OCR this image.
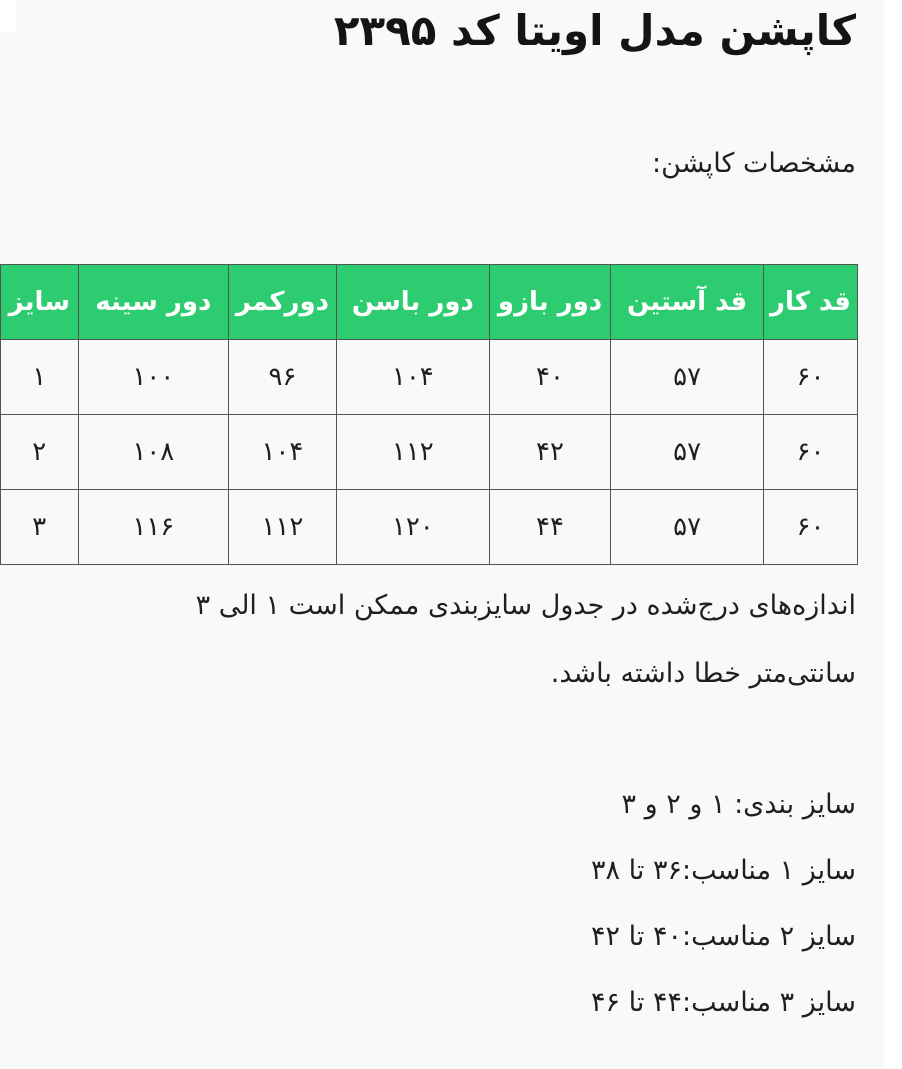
کاپشن مدل اویتا کد ۲۳۹۵

مشخصات کاپشن:

قد کار	قد آستین	دور بازو	دور باسن	دورکمر	دور سینه	سایز
۶۰	۵۷	۴۰	۱۰۴	۹۶	۱۰۰	۱
۶۰	۵۷	۴۲	۱۱۲	۱۰۴	۱۰۸	۲
۶۰	۵۷	۴۴	۱۲۰	۱۱۲	۱۱۶	۳

اندازه‌های درج‌شده در جدول سایزبندی ممکن است ۱ الی ۳
سانتی‌متر خطا داشته باشد.

سایز بندی: ۱ و ۲ و ۳
سایز ۱ مناسب:۳۶ تا ۳۸
سایز ۲ مناسب:۴۰ تا ۴۲
سایز ۳ مناسب:۴۴ تا ۴۶
